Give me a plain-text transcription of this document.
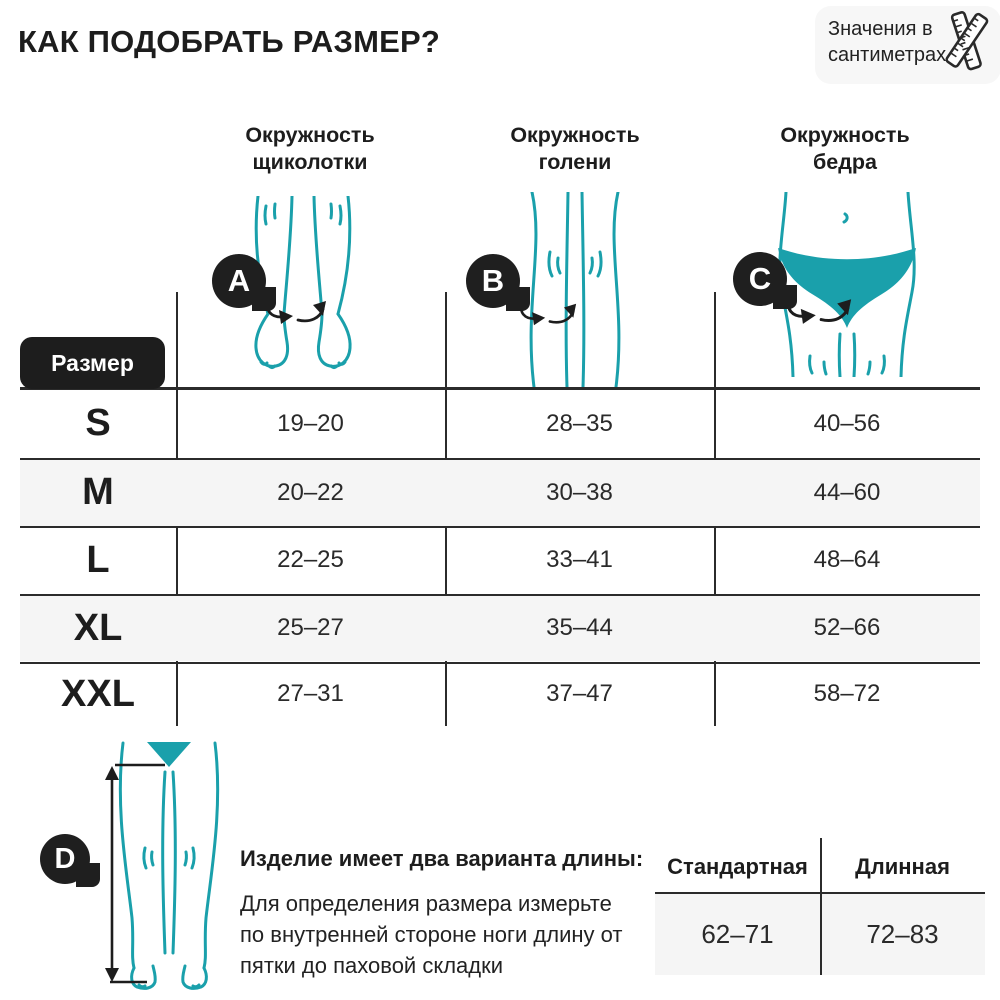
КАК ПОДОБРАТЬ РАЗМЕР?	Значения в
сантиметрах
Окружность
щиколотки
Окружность
голени
Окружность
бедра
A	B	C
Размер
S	19–20	28–35	40–56
M	20–22	30–38	44–60
L	22–25	33–41	48–64
XL	25–27	35–44	52–66
XXL	27–31	37–47	58–72
D	Изделие имеет два варианта длины:
Для определения размера измерьте по внутренней стороне ноги длину от пятки до паховой складки
Стандартная	Длинная
62–71	72–83
